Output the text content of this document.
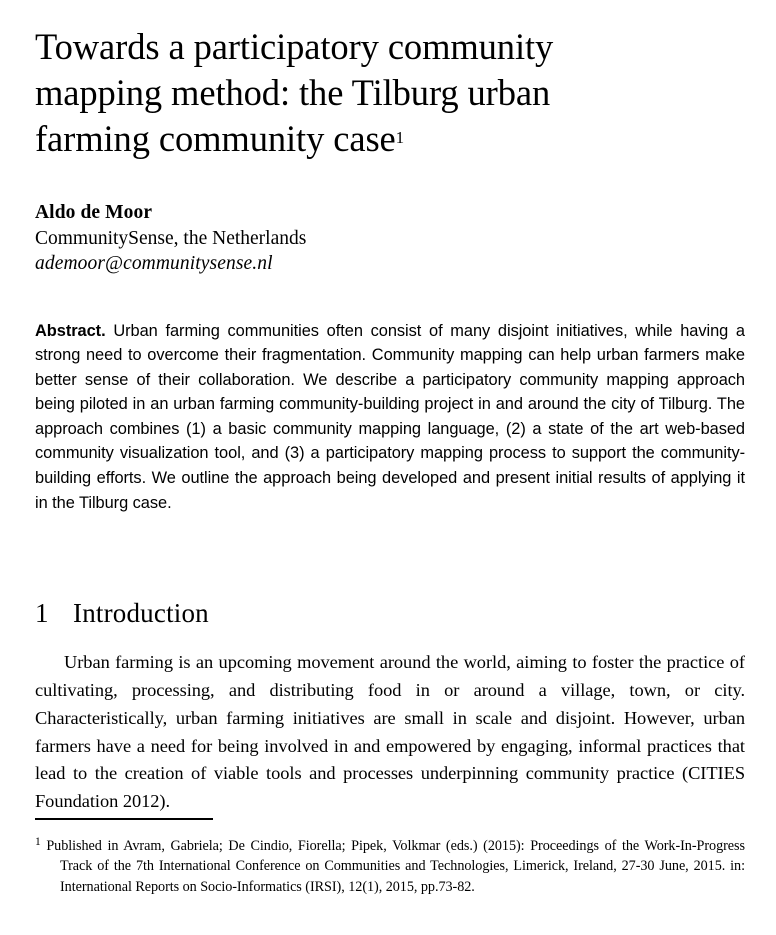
Towards a participatory community mapping method: the Tilburg urban farming community case$^1$
Aldo de Moor
CommunitySense, the Netherlands
ademoor@communitysense.nl
Abstract. Urban farming communities often consist of many disjoint initiatives, while having a strong need to overcome their fragmentation. Community mapping can help urban farmers make better sense of their collaboration. We describe a participatory community mapping approach being piloted in an urban farming community-building project in and around the city of Tilburg. The approach combines (1) a basic community mapping language, (2) a state of the art web-based community visualization tool, and (3) a participatory mapping process to support the community-building efforts. We outline the approach being developed and present initial results of applying it in the Tilburg case.
1 Introduction
Urban farming is an upcoming movement around the world, aiming to foster the practice of cultivating, processing, and distributing food in or around a village, town, or city. Characteristically, urban farming initiatives are small in scale and disjoint. However, urban farmers have a need for being involved in and empowered by engaging, informal practices that lead to the creation of viable tools and processes underpinning community practice (CITIES Foundation 2012).
$^1$ Published in Avram, Gabriela; De Cindio, Fiorella; Pipek, Volkmar (eds.) (2015): Proceedings of the Work-In-Progress Track of the 7th International Conference on Communities and Technologies, Limerick, Ireland, 27-30 June, 2015. in: International Reports on Socio-Informatics (IRSI), 12(1), 2015, pp.73-82.
